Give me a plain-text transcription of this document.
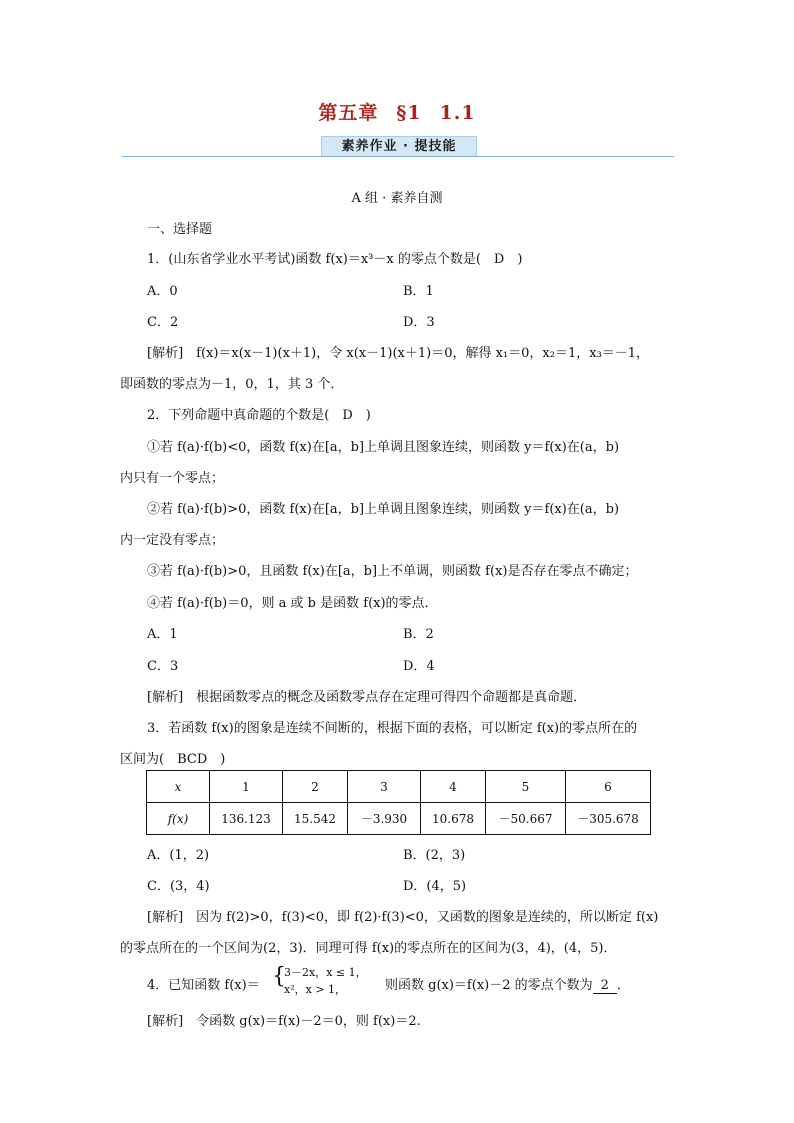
第五章 §1 1.1
素养作业 · 提技能
A 组 · 素养自测
一、选择题
1．(山东省学业水平考试)函数 f(x)＝x³－x 的零点个数是(　D　)
A．0	B．1
C．2	D．3
[解析]　f(x)＝x(x－1)(x＋1)，令 x(x－1)(x＋1)＝0，解得 x₁＝0，x₂＝1，x₃＝－1，
即函数的零点为－1，0，1，其 3 个．
2．下列命题中真命题的个数是(　D　)
①若 f(a)·f(b)<0，函数 f(x)在[a，b]上单调且图象连续，则函数 y＝f(x)在(a，b)
内只有一个零点；
②若 f(a)·f(b)>0，函数 f(x)在[a，b]上单调且图象连续，则函数 y＝f(x)在(a，b)
内一定没有零点；
③若 f(a)·f(b)>0，且函数 f(x)在[a，b]上不单调，则函数 f(x)是否存在零点不确定；
④若 f(a)·f(b)＝0，则 a 或 b 是函数 f(x)的零点．
A．1	B．2
C．3	D．4
[解析]　根据函数零点的概念及函数零点存在定理可得四个命题都是真命题．
3．若函数 f(x)的图象是连续不间断的，根据下面的表格，可以断定 f(x)的零点所在的
区间为(　BCD　)
x	1	2	3	4	5	6
f(x)	136.123	15.542	－3.930	10.678	－50.667	－305.678
A．(1，2)	B．(2，3)
C．(3，4)	D．(4，5)
[解析]　因为 f(2)>0，f(3)<0，即 f(2)·f(3)<0，又函数的图象是连续的，所以断定 f(x)
的零点所在的一个区间为(2，3)．同理可得 f(x)的零点所在的区间为(3，4)，(4，5)．
4．已知函数 f(x)＝ {
3－2x，x ≤ 1，
x²，x > 1，	则函数 g(x)＝f(x)－2 的零点个数为 2 ．
[解析]　令函数 g(x)＝f(x)－2＝0，则 f(x)＝2.
